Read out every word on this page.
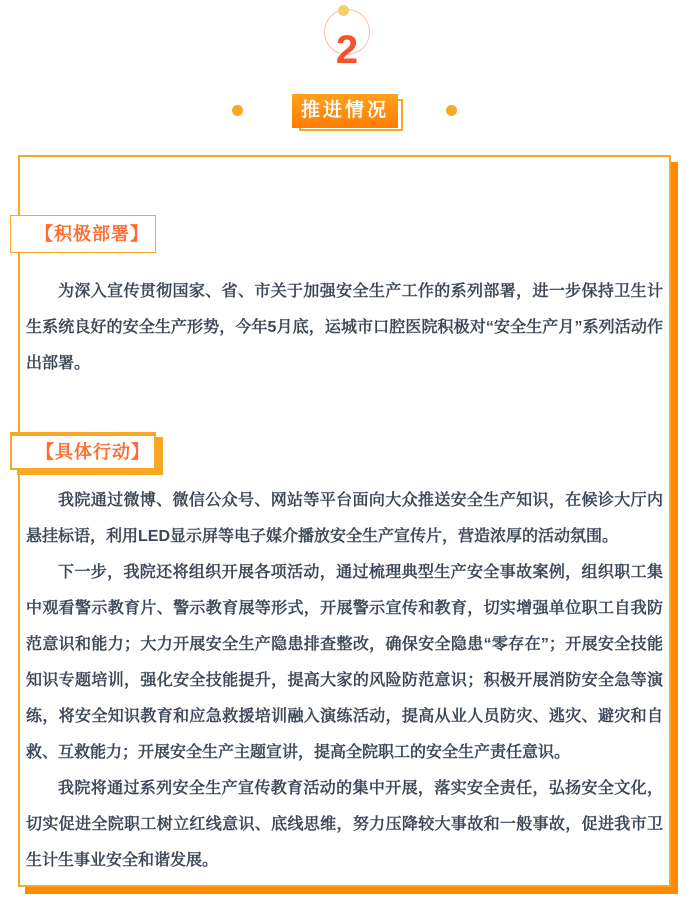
2
推进情况
【积极部署】

为深入宣传贯彻国家、省、市关于加强安全生产工作的系列部署，进一步保持卫生计生系统良好的安全生产形势，今年5月底，运城市口腔医院积极对“安全生产月”系列活动作出部署。

【具体行动】

我院通过微博、微信公众号、网站等平台面向大众推送安全生产知识，在候诊大厅内悬挂标语，利用LED显示屏等电子媒介播放安全生产宣传片，营造浓厚的活动氛围。

下一步，我院还将组织开展各项活动，通过梳理典型生产安全事故案例，组织职工集中观看警示教育片、警示教育展等形式，开展警示宣传和教育，切实增强单位职工自我防范意识和能力；大力开展安全生产隐患排查整改，确保安全隐患“零存在”；开展安全技能知识专题培训，强化安全技能提升，提高大家的风险防范意识；积极开展消防安全急等演练，将安全知识教育和应急救援培训融入演练活动，提高从业人员防灾、逃灾、避灾和自救、互救能力；开展安全生产主题宣讲，提高全院职工的安全生产责任意识。

我院将通过系列安全生产宣传教育活动的集中开展，落实安全责任，弘扬安全文化，切实促进全院职工树立红线意识、底线思维，努力压降较大事故和一般事故，促进我市卫生计生事业安全和谐发展。
